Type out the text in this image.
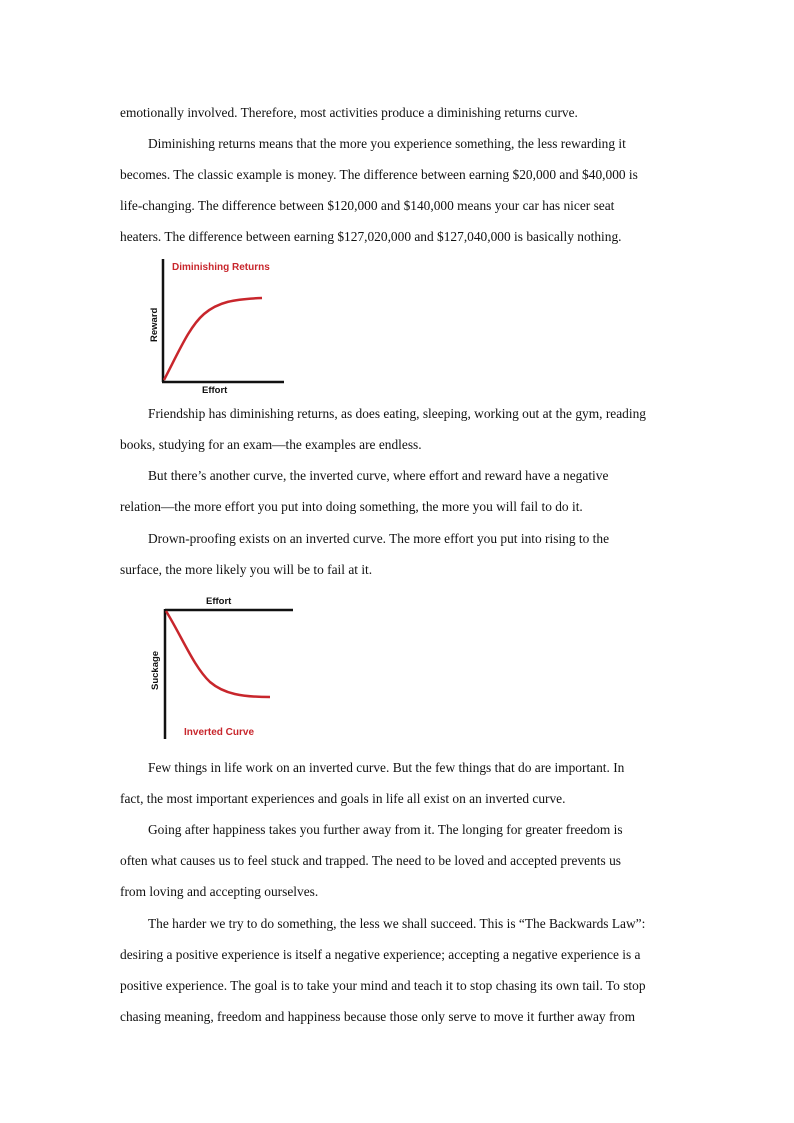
emotionally involved. Therefore, most activities produce a diminishing returns curve.
Diminishing returns means that the more you experience something, the less rewarding it
becomes. The classic example is money. The difference between earning $20,000 and $40,000 is
life-changing. The difference between $120,000 and $140,000 means your car has nicer seat
heaters. The difference between earning $127,020,000 and $127,040,000 is basically nothing.
Diminishing Returns
Effort
Reward
Friendship has diminishing returns, as does eating, sleeping, working out at the gym, reading
books, studying for an exam—the examples are endless.
But there’s another curve, the inverted curve, where effort and reward have a negative
relation—the more effort you put into doing something, the more you will fail to do it.
Drown-proofing exists on an inverted curve. The more effort you put into rising to the
surface, the more likely you will be to fail at it.
Effort
Suckage
Inverted Curve
Few things in life work on an inverted curve. But the few things that do are important. In
fact, the most important experiences and goals in life all exist on an inverted curve.
Going after happiness takes you further away from it. The longing for greater freedom is
often what causes us to feel stuck and trapped. The need to be loved and accepted prevents us
from loving and accepting ourselves.
The harder we try to do something, the less we shall succeed. This is “The Backwards Law”:
desiring a positive experience is itself a negative experience; accepting a negative experience is a
positive experience. The goal is to take your mind and teach it to stop chasing its own tail. To stop
chasing meaning, freedom and happiness because those only serve to move it further away from
